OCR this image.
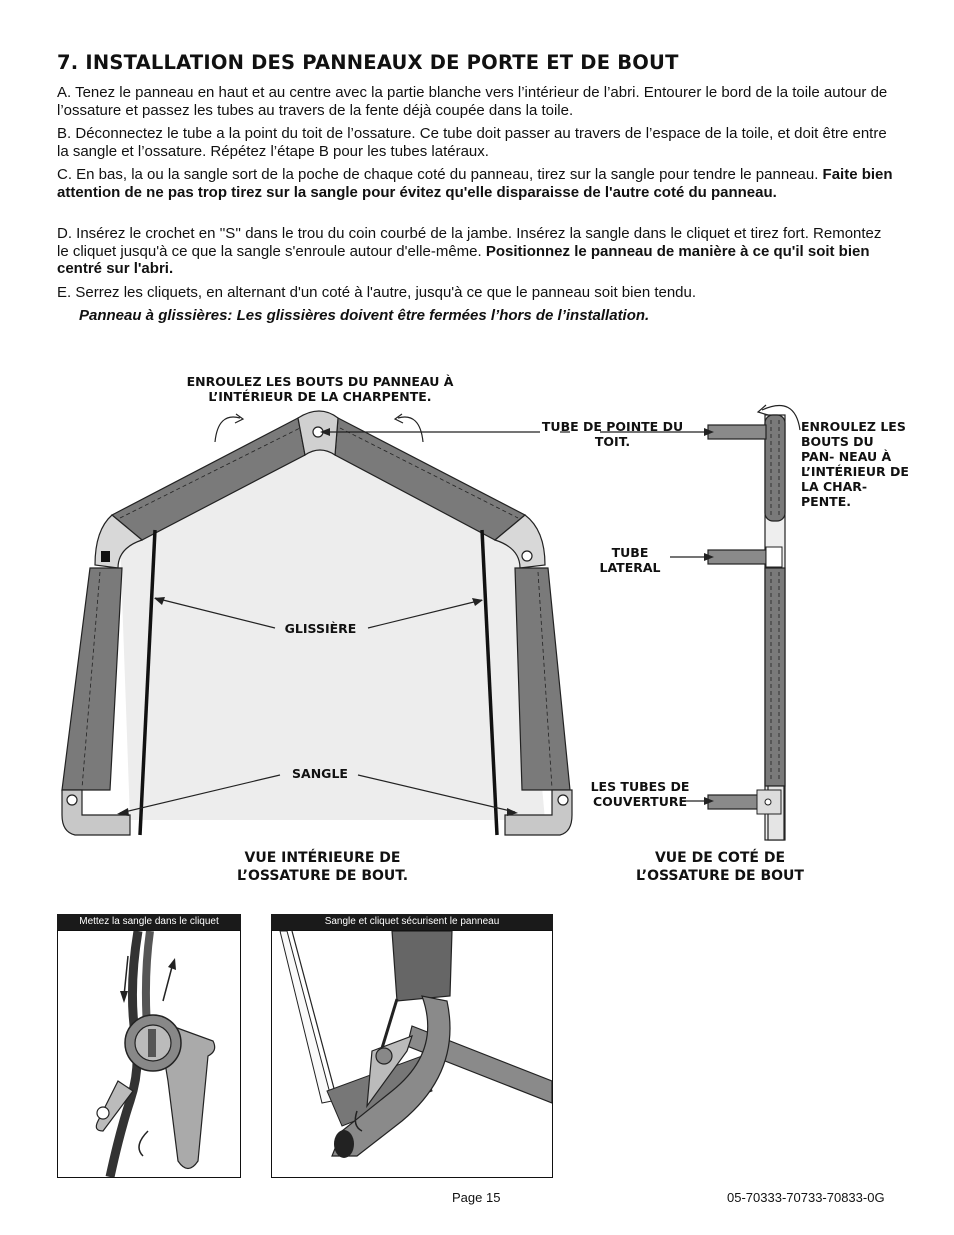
7. INSTALLATION DES PANNEAUX DE PORTE ET DE BOUT
A. Tenez le panneau en haut et au centre avec la partie blanche vers l’intérieur de l’abri. Entourer le bord de la toile autour de l’ossature et passez les tubes au travers de la fente déjà coupée dans la toile.
B. Déconnectez le tube a la point du toit de l’ossature. Ce tube doit passer au travers de l’espace de la toile, et doit être entre la sangle et l’ossature. Répétez l’étape B pour les tubes latéraux.
C. En bas, la ou la sangle sort de la poche de chaque coté du panneau, tirez sur la sangle pour tendre le panneau. Faite bien attention de ne pas trop tirez sur la sangle pour évitez qu'elle disparaisse de l'autre coté du panneau.
D. Insérez le crochet en ''S'' dans le trou du coin courbé de la jambe. Insérez la sangle dans le cliquet et tirez fort. Remontez le cliquet jusqu'à ce que la sangle s'enroule autour d'elle-même. Positionnez le panneau de manière à ce qu'il soit bien centré sur l'abri.
E. Serrez les cliquets, en alternant d'un coté à l'autre, jusqu'à ce que le panneau soit bien tendu.
Panneau à glissières: Les glissières doivent être fermées l’hors de l’installation.
ENROULEZ LES BOUTS DU PANNEAU À L’INTÉRIEUR DE LA CHARPENTE.
TUBE DE POINTE DU TOIT.
ENROULEZ LES BOUTS DU PAN- NEAU À L’INTÉRIEUR DE LA CHAR- PENTE.
TUBE LATERAL
GLISSIÈRE
SANGLE
LES TUBES DE COUVERTURE
VUE INTÉRIEURE DE L’OSSATURE DE BOUT.
VUE DE COTÉ DE L’OSSATURE DE BOUT
Mettez la sangle dans le cliquet	Sangle et cliquet sécurisent le panneau
Page 15	05-70333-70733-70833-0G
